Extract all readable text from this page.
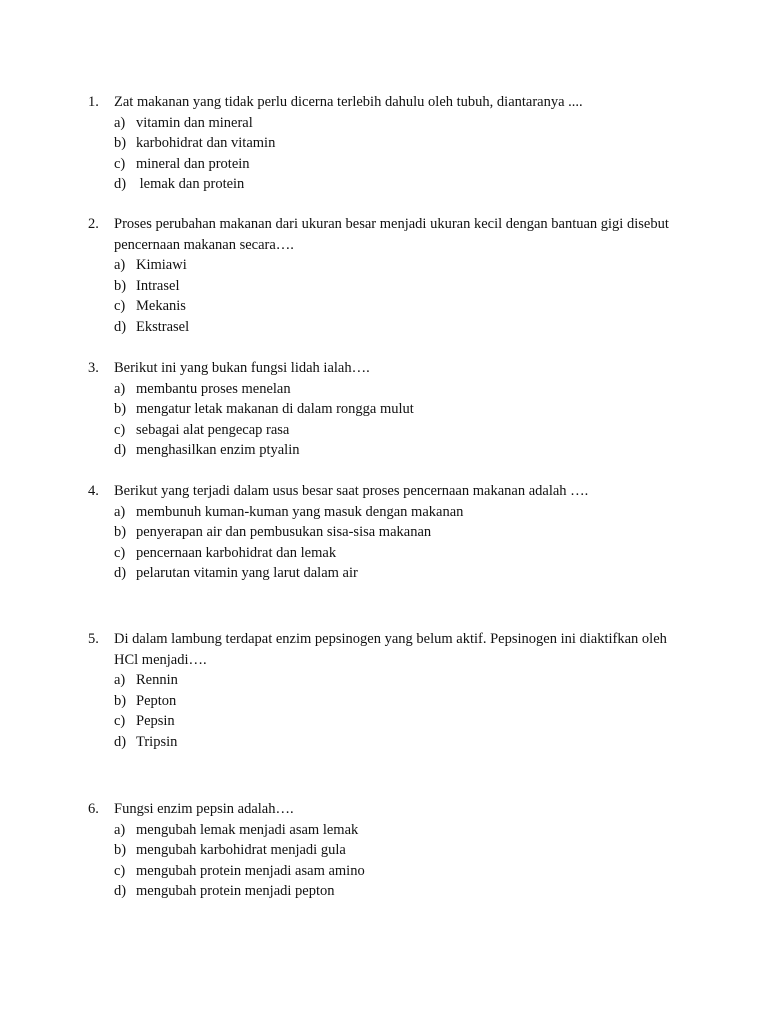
1.	Zat makanan yang tidak perlu dicerna terlebih dahulu oleh tubuh, diantaranya ....
a) vitamin dan mineral
b) karbohidrat dan vitamin
c) mineral dan protein
d) lemak dan protein
2.	Proses perubahan makanan dari ukuran besar menjadi ukuran kecil dengan bantuan gigi disebut pencernaan makanan secara….
a) Kimiawi
b) Intrasel
c) Mekanis
d) Ekstrasel
3.	Berikut ini yang bukan fungsi lidah ialah….
a) membantu proses menelan
b) mengatur letak makanan di dalam rongga mulut
c) sebagai alat pengecap rasa
d) menghasilkan enzim ptyalin
4.	Berikut yang terjadi dalam usus besar saat proses pencernaan makanan adalah ….
a) membunuh kuman-kuman yang masuk dengan makanan
b) penyerapan air dan pembusukan sisa-sisa makanan
c) pencernaan karbohidrat dan lemak
d) pelarutan vitamin yang larut dalam air
5.	Di dalam lambung terdapat enzim pepsinogen yang belum aktif. Pepsinogen ini diaktifkan oleh HCl menjadi….
a) Rennin
b) Pepton
c) Pepsin
d) Tripsin
6.	Fungsi enzim pepsin adalah….
a) mengubah lemak menjadi asam lemak
b) mengubah karbohidrat menjadi gula
c) mengubah protein menjadi asam amino
d) mengubah protein menjadi pepton
